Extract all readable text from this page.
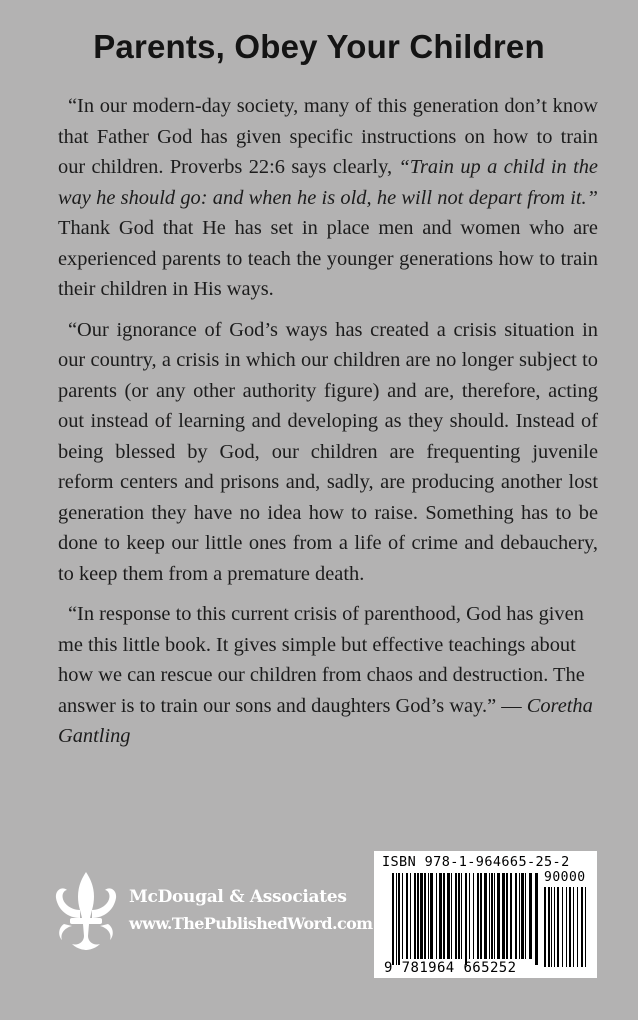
Parents, Obey Your Children

“In our modern-day society, many of this generation don’t know that Father God has given specific instructions on how to train our children. Proverbs 22:6 says clearly, “Train up a child in the way he should go: and when he is old, he will not depart from it.” Thank God that He has set in place men and women who are experienced parents to teach the younger generations how to train their children in His ways.

“Our ignorance of God’s ways has created a crisis situation in our country, a crisis in which our children are no longer subject to parents (or any other authority figure) and are, therefore, acting out instead of learning and developing as they should. Instead of being blessed by God, our children are frequenting juvenile reform centers and prisons and, sadly, are producing another lost generation they have no idea how to raise. Something has to be done to keep our little ones from a life of crime and debauchery, to keep them from a premature death.

“In response to this current crisis of parenthood, God has given me this little book. It gives simple but effective teachings about how we can rescue our children from chaos and destruction. The answer is to train our sons and daughters God’s way.” — Coretha Gantling

McDougal & Associates
www.ThePublishedWord.com
ISBN 978-1-964665-25-2
90000
9 781964 665252
